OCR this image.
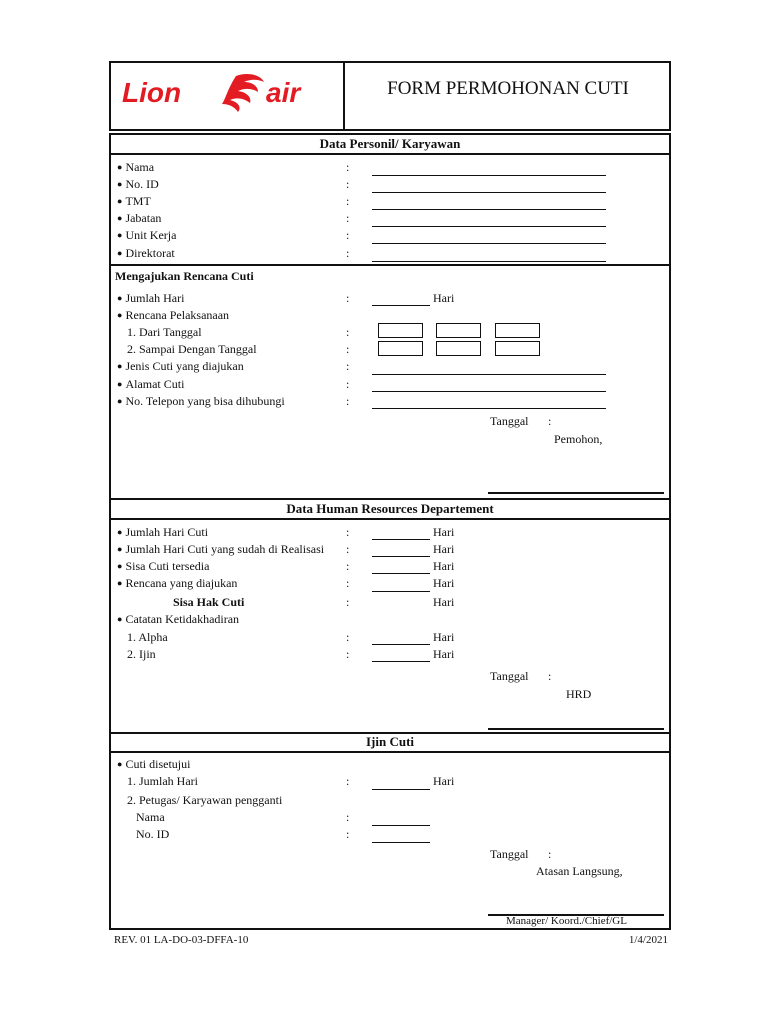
Lion	air	FORM PERMOHONAN CUTI
Data Personil/ Karyawan
● Nama	:
● No. ID	:
● TMT	:
● Jabatan	:
● Unit Kerja	:
● Direktorat	:
Mengajukan Rencana Cuti
● Jumlah Hari	:	Hari
● Rencana Pelaksanaan
1. Dari Tanggal	:
2. Sampai Dengan Tanggal	:
● Jenis Cuti yang diajukan	:
● Alamat Cuti	:
● No. Telepon yang bisa dihubungi	:
Tanggal :
Pemohon,
Data Human Resources Departement
● Jumlah Hari Cuti	:	Hari
● Jumlah Hari Cuti yang sudah di Realisasi :	Hari
● Sisa Cuti tersedia	:	Hari
● Rencana yang diajukan	:	Hari
Sisa Hak Cuti	:	Hari
● Catatan Ketidakhadiran
1. Alpha	:	Hari
2. Ijin	:	Hari
Tanggal :
HRD
Ijin Cuti
● Cuti disetujui
1. Jumlah Hari	:	Hari
2. Petugas/ Karyawan pengganti
Nama	:
No. ID	:
Tanggal :
Atasan Langsung,
Manager/ Koord./Chief/GL
REV. 01 LA-DO-03-DFFA-10	1/4/2021
